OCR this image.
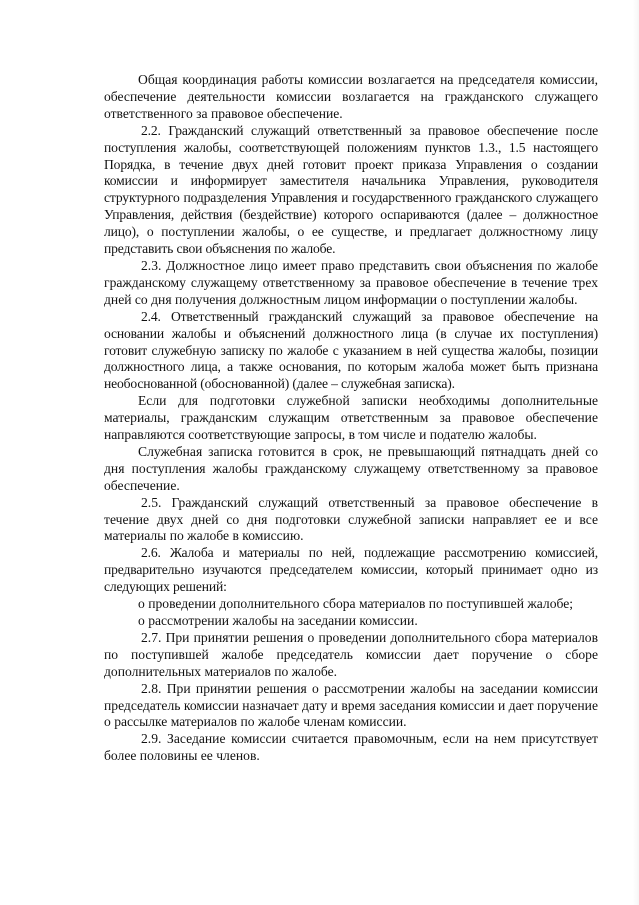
Общая координация работы комиссии возлагается на председателя комиссии, обеспечение деятельности комиссии возлагается на гражданского служащего ответственного за правовое обеспечение.

2.2. Гражданский служащий ответственный за правовое обеспечение после поступления жалобы, соответствующей положениям пунктов 1.3., 1.5 настоящего Порядка, в течение двух дней готовит проект приказа Управления о создании комиссии и информирует заместителя начальника Управления, руководителя структурного подразделения Управления и государственного гражданского служащего Управления, действия (бездействие) которого оспариваются (далее – должностное лицо), о поступлении жалобы, о ее существе, и предлагает должностному лицу представить свои объяснения по жалобе.

2.3. Должностное лицо имеет право представить свои объяснения по жалобе гражданскому служащему ответственному за правовое обеспечение в течение трех дней со дня получения должностным лицом информации о поступлении жалобы.

2.4. Ответственный гражданский служащий за правовое обеспечение на основании жалобы и объяснений должностного лица (в случае их поступления) готовит служебную записку по жалобе с указанием в ней существа жалобы, позиции должностного лица, а также основания, по которым жалоба может быть признана необоснованной (обоснованной) (далее – служебная записка).

Если для подготовки служебной записки необходимы дополнительные материалы, гражданским служащим ответственным за правовое обеспечение направляются соответствующие запросы, в том числе и подателю жалобы.

Служебная записка готовится в срок, не превышающий пятнадцать дней со дня поступления жалобы гражданскому служащему ответственному за правовое обеспечение.

2.5. Гражданский служащий ответственный за правовое обеспечение в течение двух дней со дня подготовки служебной записки направляет ее и все материалы по жалобе в комиссию.

2.6. Жалоба и материалы по ней, подлежащие рассмотрению комиссией, предварительно изучаются председателем комиссии, который принимает одно из следующих решений:

о проведении дополнительного сбора материалов по поступившей жалобе;

о рассмотрении жалобы на заседании комиссии.

2.7. При принятии решения о проведении дополнительного сбора материалов по поступившей жалобе председатель комиссии дает поручение о сборе дополнительных материалов по жалобе.

2.8. При принятии решения о рассмотрении жалобы на заседании комиссии председатель комиссии назначает дату и время заседания комиссии и дает поручение о рассылке материалов по жалобе членам комиссии.

2.9. Заседание комиссии считается правомочным, если на нем присутствует более половины ее членов.
